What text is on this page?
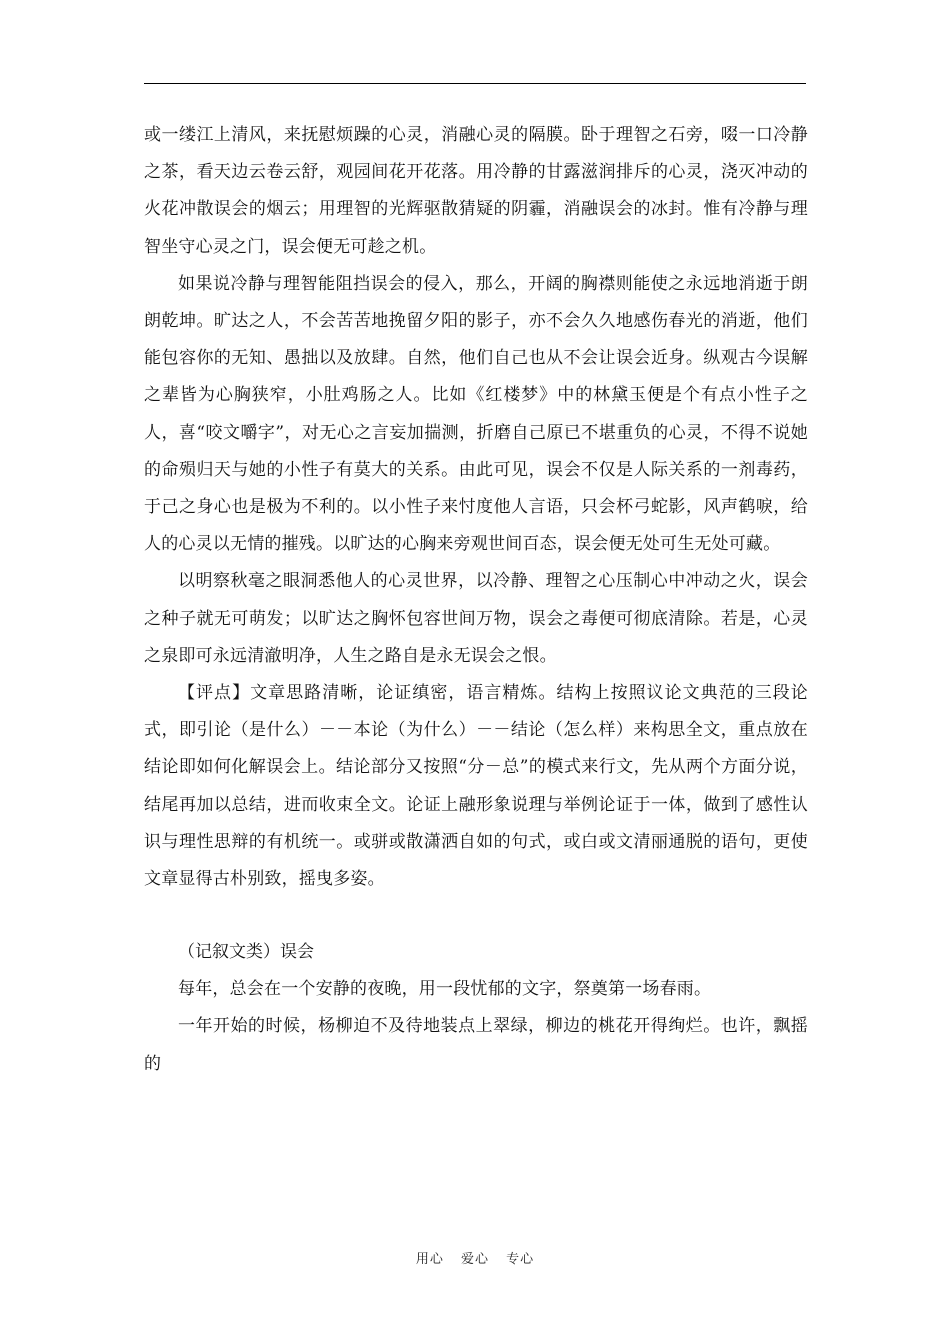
或一缕江上清风，来抚慰烦躁的心灵，消融心灵的隔膜。卧于理智之石旁，啜一口冷静之茶，看天边云卷云舒，观园间花开花落。用冷静的甘露滋润排斥的心灵，浇灭冲动的火花冲散误会的烟云；用理智的光辉驱散猜疑的阴霾，消融误会的冰封。惟有冷静与理智坐守心灵之门，误会便无可趁之机。

如果说冷静与理智能阻挡误会的侵入，那么，开阔的胸襟则能使之永远地消逝于朗朗乾坤。旷达之人，不会苦苦地挽留夕阳的影子，亦不会久久地感伤春光的消逝，他们能包容你的无知、愚拙以及放肆。自然，他们自己也从不会让误会近身。纵观古今误解之辈皆为心胸狭窄，小肚鸡肠之人。比如《红楼梦》中的林黛玉便是个有点小性子之人，喜“咬文嚼字”，对无心之言妄加揣测，折磨自己原已不堪重负的心灵，不得不说她的命殒归天与她的小性子有莫大的关系。由此可见，误会不仅是人际关系的一剂毒药，于己之身心也是极为不利的。以小性子来忖度他人言语，只会杯弓蛇影，风声鹤唳，给人的心灵以无情的摧残。以旷达的心胸来旁观世间百态，误会便无处可生无处可藏。

以明察秋毫之眼洞悉他人的心灵世界，以冷静、理智之心压制心中冲动之火，误会之种子就无可萌发；以旷达之胸怀包容世间万物，误会之毒便可彻底清除。若是，心灵之泉即可永远清澈明净，人生之路自是永无误会之恨。

【评点】文章思路清晰，论证缜密，语言精炼。结构上按照议论文典范的三段论式，即引论（是什么）－－本论（为什么）－－结论（怎么样）来构思全文，重点放在结论即如何化解误会上。结论部分又按照“分－总”的模式来行文，先从两个方面分说，结尾再加以总结，进而收束全文。论证上融形象说理与举例论证于一体，做到了感性认识与理性思辩的有机统一。或骈或散潇洒自如的句式，或白或文清丽通脱的语句，更使文章显得古朴别致，摇曳多姿。

（记叙文类）误会

每年，总会在一个安静的夜晚，用一段忧郁的文字，祭奠第一场春雨。

一年开始的时候，杨柳迫不及待地装点上翠绿，柳边的桃花开得绚烂。也许，飘摇的

用心 爱心 专心
